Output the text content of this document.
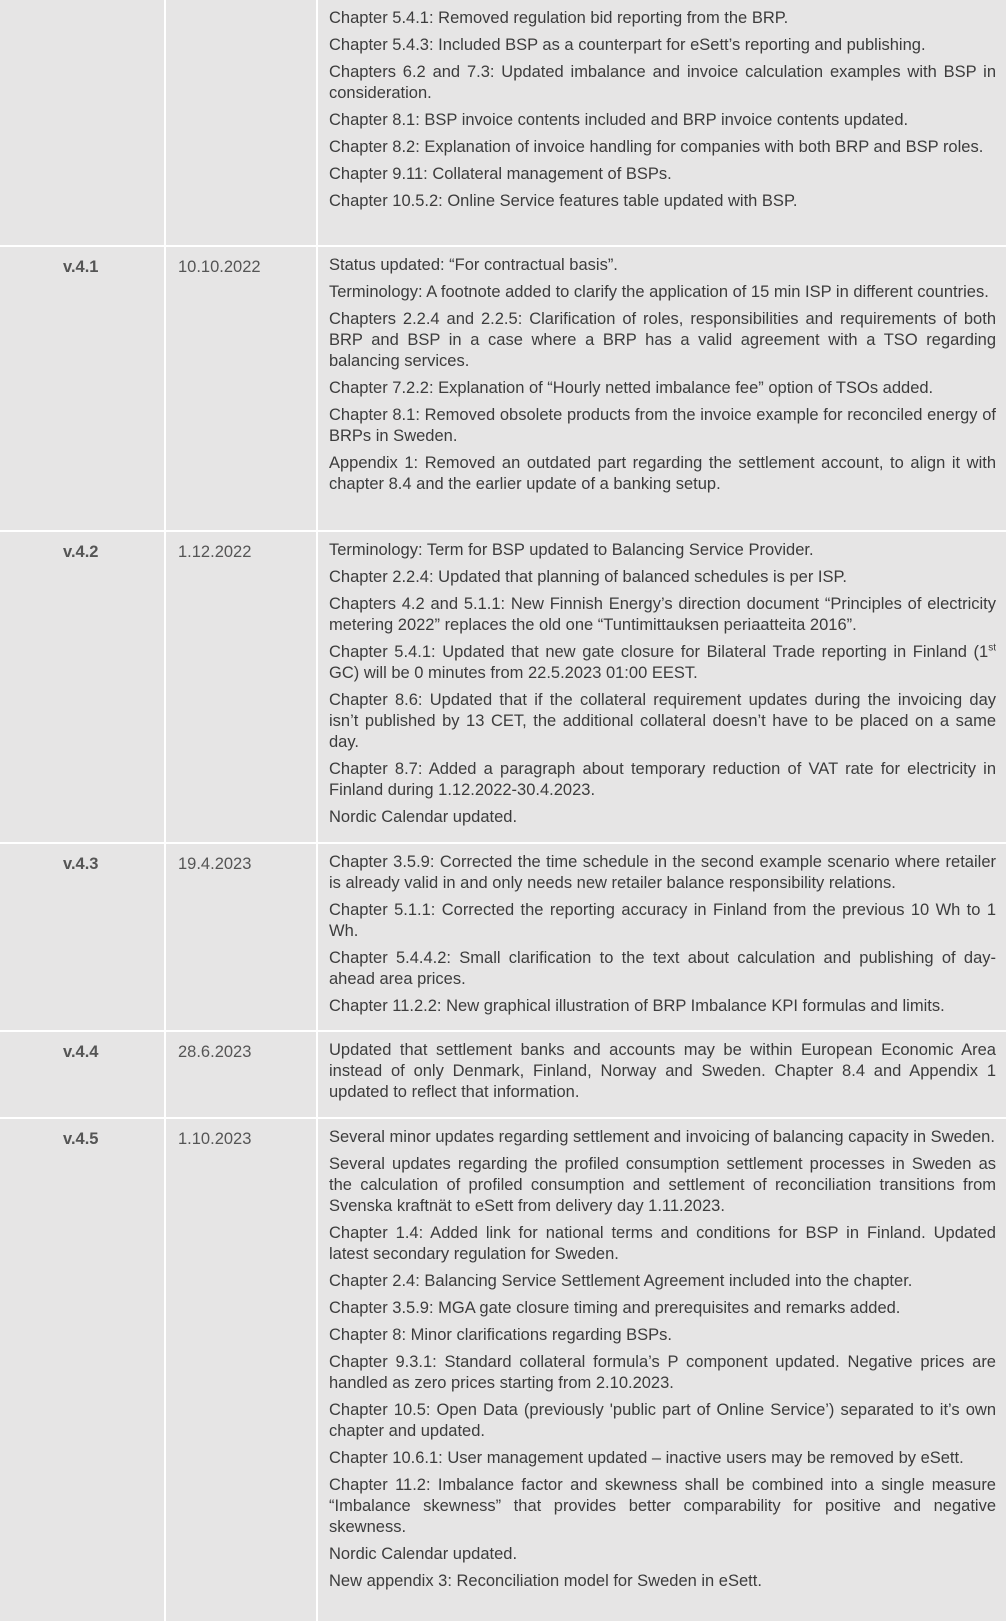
Chapter 5.4.1: Removed regulation bid reporting from the BRP.

Chapter 5.4.3: Included BSP as a counterpart for eSett’s reporting and publishing.

Chapters 6.2 and 7.3: Updated imbalance and invoice calculation examples with BSP in consideration.

Chapter 8.1: BSP invoice contents included and BRP invoice contents updated.

Chapter 8.2: Explanation of invoice handling for companies with both BRP and BSP roles.

Chapter 9.11: Collateral management of BSPs.

Chapter 10.5.2: Online Service features table updated with BSP.

v.4.1	10.10.2022	Status updated: “For contractual basis”.

Terminology: A footnote added to clarify the application of 15 min ISP in different countries.

Chapters 2.2.4 and 2.2.5: Clarification of roles, responsibilities and requirements of both BRP and BSP in a case where a BRP has a valid agreement with a TSO regarding balancing services.

Chapter 7.2.2: Explanation of “Hourly netted imbalance fee” option of TSOs added.

Chapter 8.1: Removed obsolete products from the invoice example for reconciled energy of BRPs in Sweden.

Appendix 1: Removed an outdated part regarding the settlement account, to align it with chapter 8.4 and the earlier update of a banking setup.

v.4.2	1.12.2022	Terminology: Term for BSP updated to Balancing Service Provider.

Chapter 2.2.4: Updated that planning of balanced schedules is per ISP.

Chapters 4.2 and 5.1.1: New Finnish Energy’s direction document “Principles of electricity metering 2022” replaces the old one “Tuntimittauksen periaatteita 2016”.

Chapter 5.4.1: Updated that new gate closure for Bilateral Trade reporting in Finland (1st GC) will be 0 minutes from 22.5.2023 01:00 EEST.

Chapter 8.6: Updated that if the collateral requirement updates during the invoicing day isn’t published by 13 CET, the additional collateral doesn’t have to be placed on a same day.

Chapter 8.7: Added a paragraph about temporary reduction of VAT rate for electricity in Finland during 1.12.2022-30.4.2023.

Nordic Calendar updated.

v.4.3	19.4.2023	Chapter 3.5.9: Corrected the time schedule in the second example scenario where retailer is already valid in and only needs new retailer balance responsibility relations.

Chapter 5.1.1: Corrected the reporting accuracy in Finland from the previous 10 Wh to 1 Wh.

Chapter 5.4.4.2: Small clarification to the text about calculation and publishing of day-ahead area prices.

Chapter 11.2.2: New graphical illustration of BRP Imbalance KPI formulas and limits.

v.4.4	28.6.2023	Updated that settlement banks and accounts may be within European Economic Area instead of only Denmark, Finland, Norway and Sweden. Chapter 8.4 and Appendix 1 updated to reflect that information.

v.4.5	1.10.2023	Several minor updates regarding settlement and invoicing of balancing capacity in Sweden.

Several updates regarding the profiled consumption settlement processes in Sweden as the calculation of profiled consumption and settlement of reconciliation transitions from Svenska kraftnät to eSett from delivery day 1.11.2023.

Chapter 1.4: Added link for national terms and conditions for BSP in Finland. Updated latest secondary regulation for Sweden.

Chapter 2.4: Balancing Service Settlement Agreement included into the chapter.

Chapter 3.5.9: MGA gate closure timing and prerequisites and remarks added.

Chapter 8: Minor clarifications regarding BSPs.

Chapter 9.3.1: Standard collateral formula’s P component updated. Negative prices are handled as zero prices starting from 2.10.2023.

Chapter 10.5: Open Data (previously 'public part of Online Service’) separated to it’s own chapter and updated.

Chapter 10.6.1: User management updated – inactive users may be removed by eSett.

Chapter 11.2: Imbalance factor and skewness shall be combined into a single measure “Imbalance skewness” that provides better comparability for positive and negative skewness.

Nordic Calendar updated.

New appendix 3: Reconciliation model for Sweden in eSett.
